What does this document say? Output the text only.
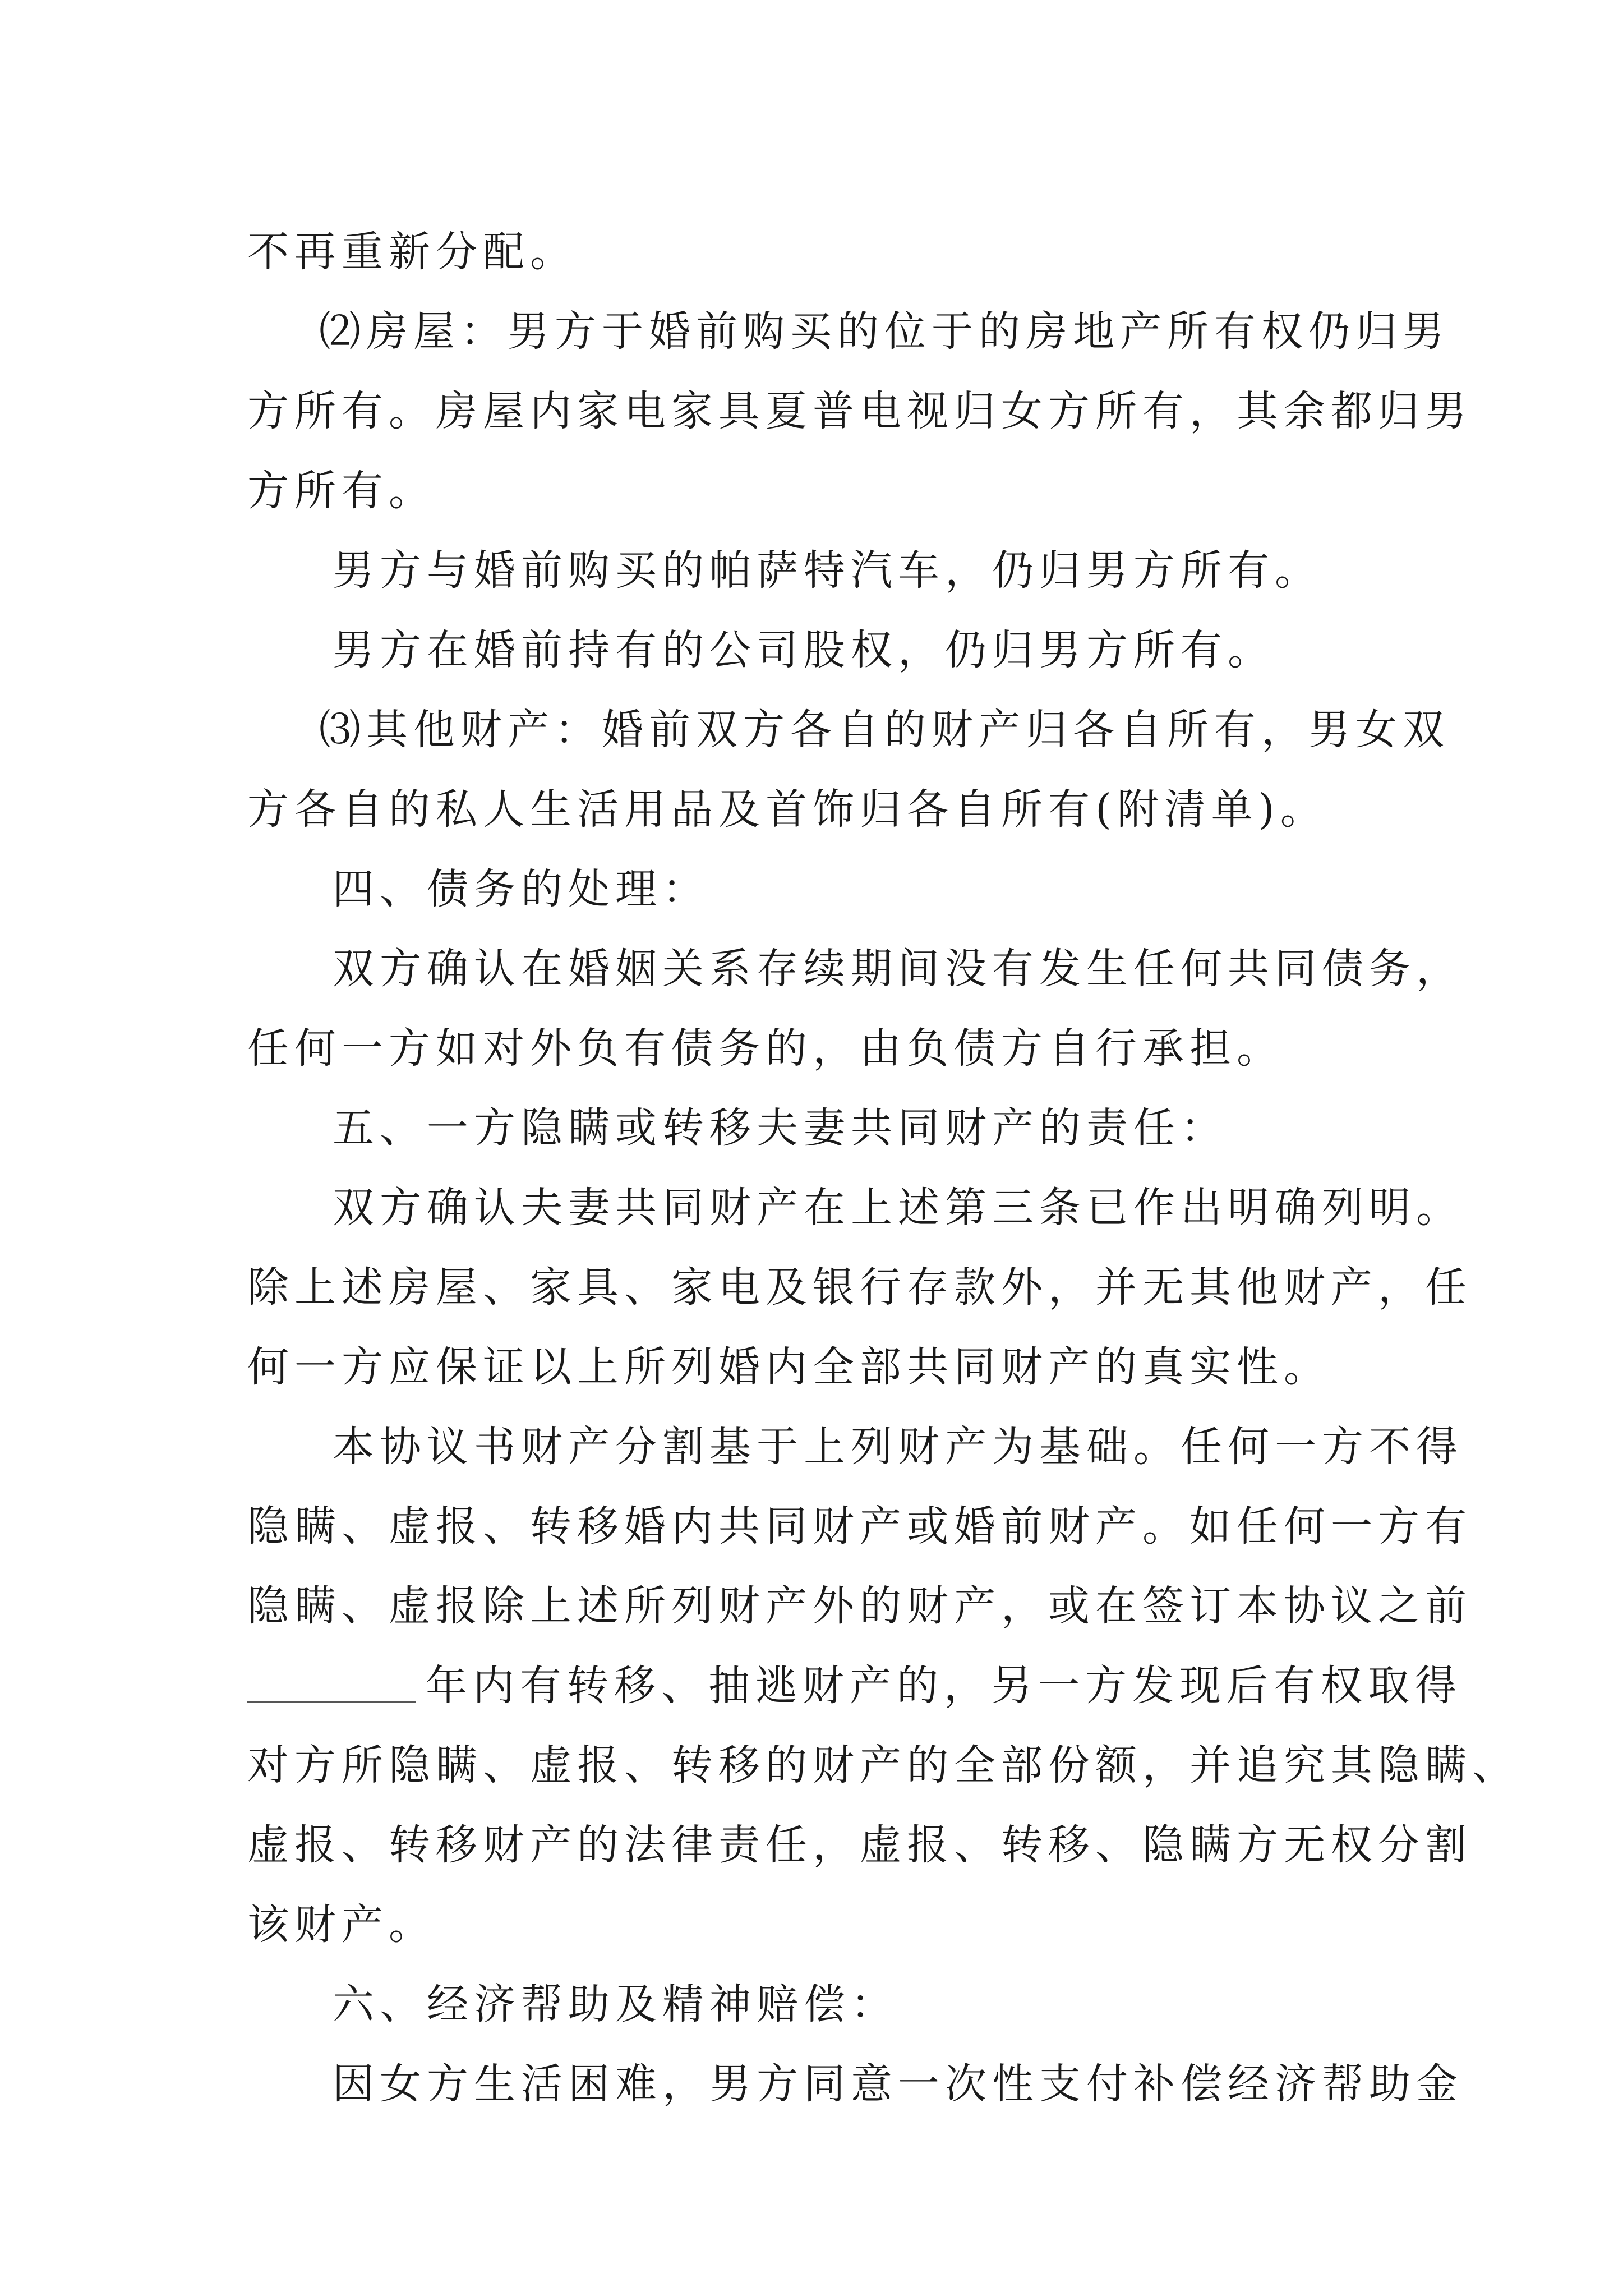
不再重新分配。
⑵房屋：男方于婚前购买的位于的房地产所有权仍归男
方所有。房屋内家电家具夏普电视归女方所有，其余都归男
方所有。
男方与婚前购买的帕萨特汽车，仍归男方所有。
男方在婚前持有的公司股权，仍归男方所有。
⑶其他财产：婚前双方各自的财产归各自所有，男女双
方各自的私人生活用品及首饰归各自所有(附清单)。
四、债务的处理：
双方确认在婚姻关系存续期间没有发生任何共同债务，
任何一方如对外负有债务的，由负债方自行承担。
五、一方隐瞒或转移夫妻共同财产的责任：
双方确认夫妻共同财产在上述第三条已作出明确列明。
除上述房屋、家具、家电及银行存款外，并无其他财产，任
何一方应保证以上所列婚内全部共同财产的真实性。
本协议书财产分割基于上列财产为基础。任何一方不得
隐瞒、虚报、转移婚内共同财产或婚前财产。如任何一方有
隐瞒、虚报除上述所列财产外的财产，或在签订本协议之前
年内有转移、抽逃财产的，另一方发现后有权取得
对方所隐瞒、虚报、转移的财产的全部份额，并追究其隐瞒、
虚报、转移财产的法律责任，虚报、转移、隐瞒方无权分割
该财产。
六、经济帮助及精神赔偿：
因女方生活困难，男方同意一次性支付补偿经济帮助金
